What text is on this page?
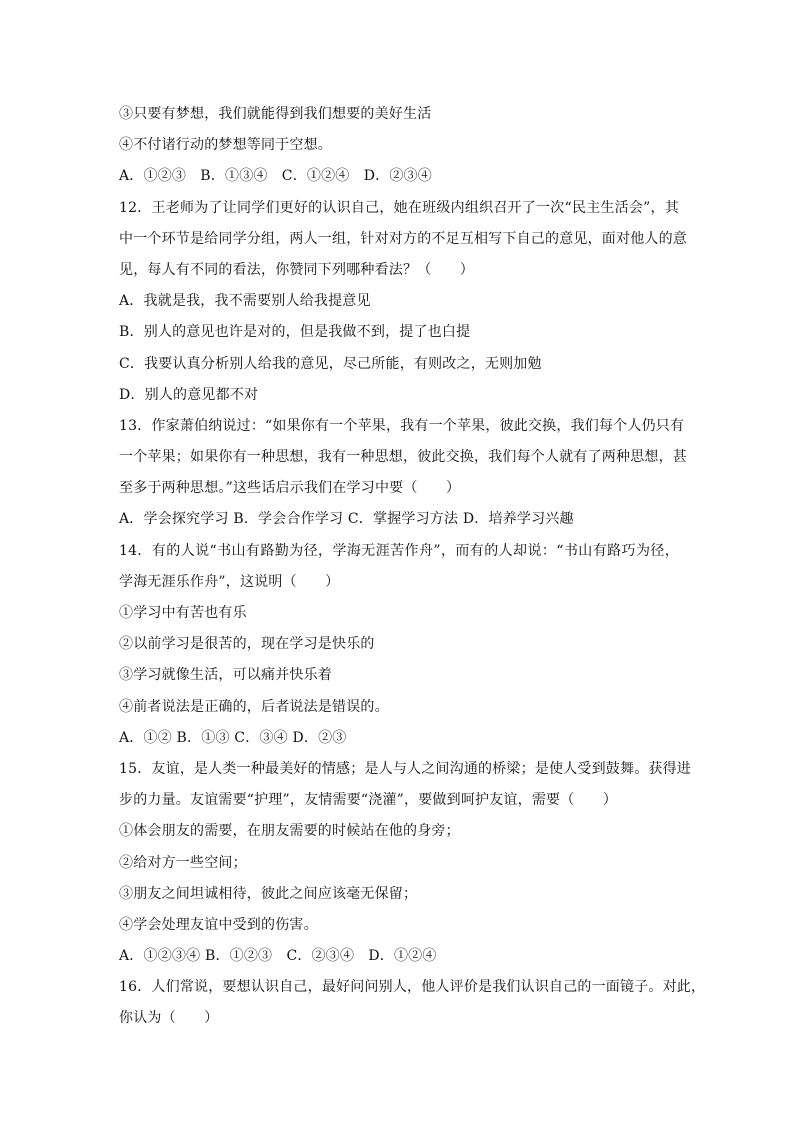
③只要有梦想，我们就能得到我们想要的美好生活
④不付诸行动的梦想等同于空想。
A．①②③　B．①③④　C．①②④　D．②③④
12．王老师为了让同学们更好的认识自己，她在班级内组织召开了一次“民主生活会”，其
中一个环节是给同学分组，两人一组，针对对方的不足互相写下自己的意见，面对他人的意
见，每人有不同的看法，你赞同下列哪种看法？（　　）
A．我就是我，我不需要别人给我提意见
B．别人的意见也许是对的，但是我做不到，提了也白提
C．我要认真分析别人给我的意见，尽己所能，有则改之，无则加勉
D．别人的意见都不对
13．作家萧伯纳说过：“如果你有一个苹果，我有一个苹果，彼此交换，我们每个人仍只有
一个苹果；如果你有一种思想，我有一种思想，彼此交换，我们每个人就有了两种思想，甚
至多于两种思想。”这些话启示我们在学习中要（　　）
A．学会探究学习 B．学会合作学习 C．掌握学习方法 D．培养学习兴趣
14．有的人说“书山有路勤为径，学海无涯苦作舟”，而有的人却说：“书山有路巧为径，
学海无涯乐作舟”，这说明（　　）
①学习中有苦也有乐
②以前学习是很苦的，现在学习是快乐的
③学习就像生活，可以痛并快乐着
④前者说法是正确的，后者说法是错误的。
A．①② B．①③ C．③④ D．②③
15．友谊，是人类一种最美好的情感；是人与人之间沟通的桥梁；是使人受到鼓舞。获得进
步的力量。友谊需要“护理”，友情需要“浇灌”，要做到呵护友谊，需要（　　）
①体会朋友的需要，在朋友需要的时候站在他的身旁；
②给对方一些空间；
③朋友之间坦诚相待，彼此之间应该毫无保留；
④学会处理友谊中受到的伤害。
A．①②③④ B．①②③　C．②③④　D．①②④
16．人们常说，要想认识自己，最好问问别人，他人评价是我们认识自己的一面镜子。对此，
你认为（　　）
